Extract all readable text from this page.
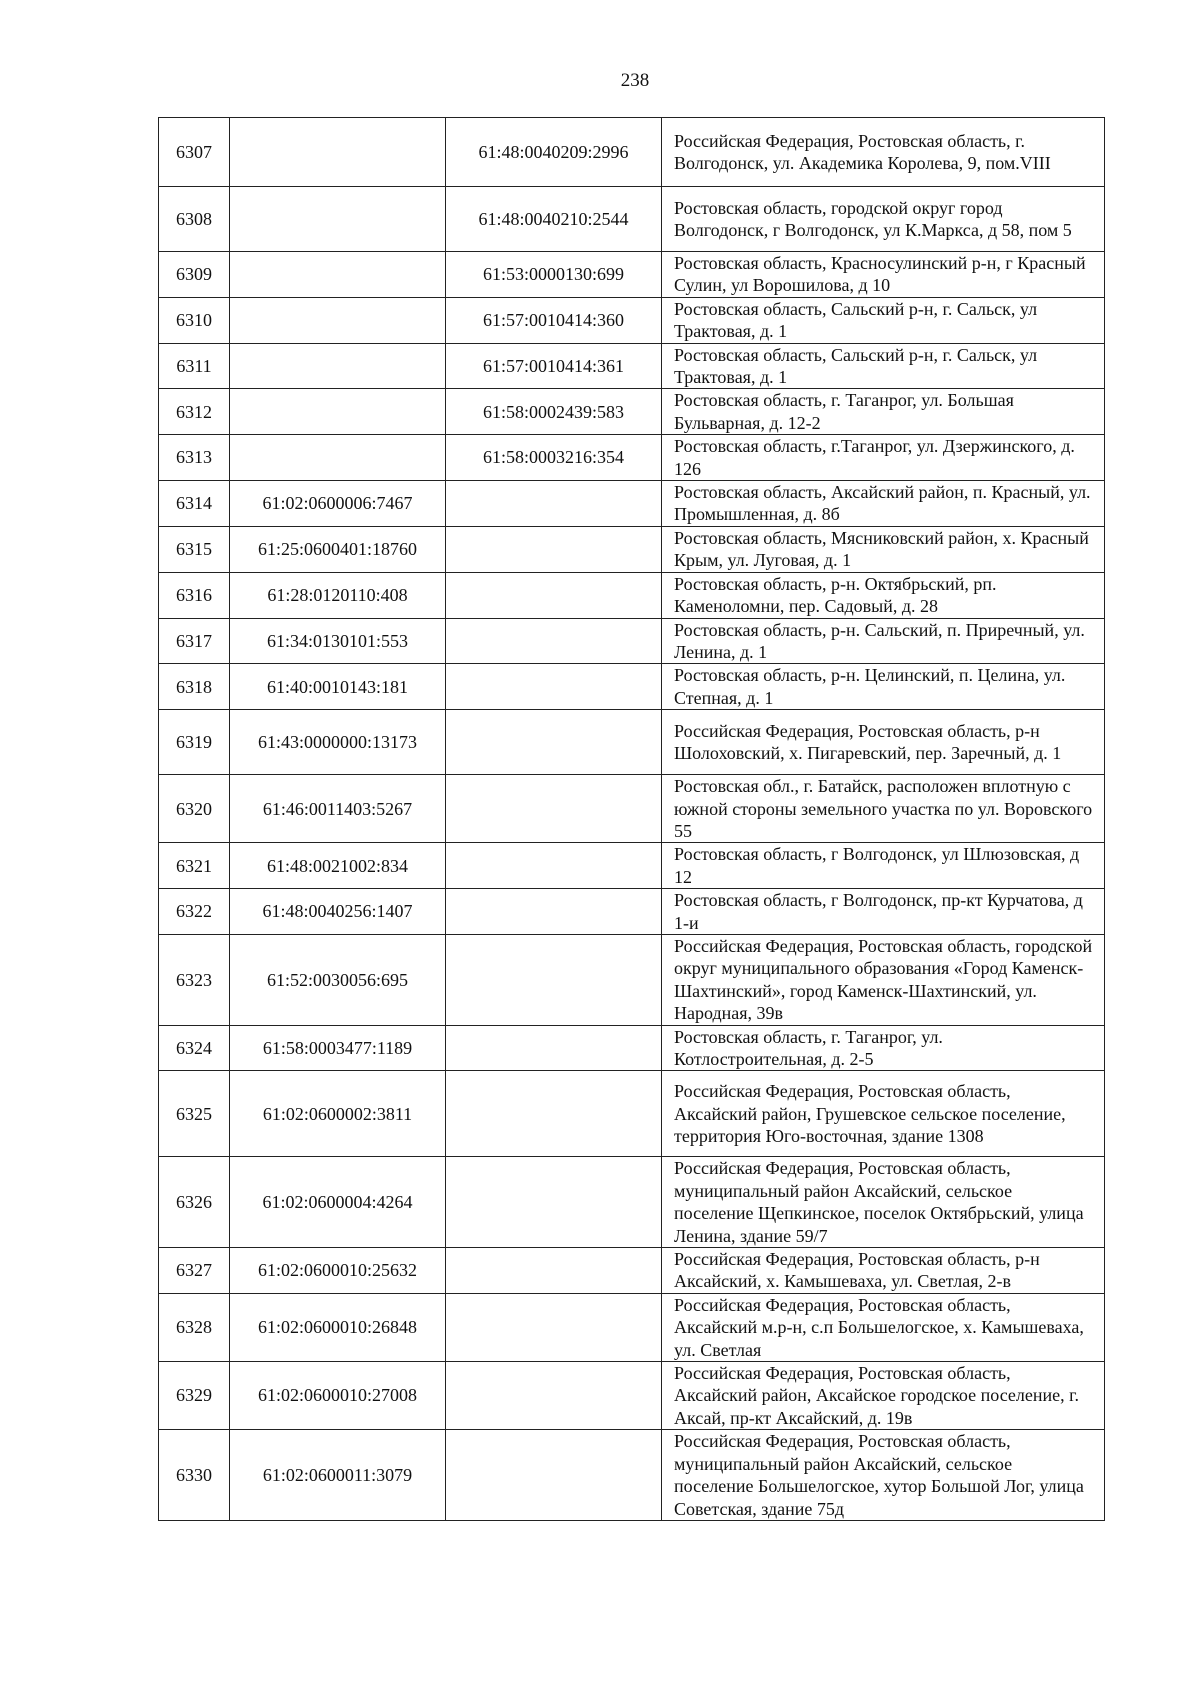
238
6307		61:48:0040209:2996	Российская Федерация, Ростовская область, г. Волгодонск, ул. Академика Королева, 9, пом.VIII
6308		61:48:0040210:2544	Ростовская область, городской округ город Волгодонск, г Волгодонск, ул К.Маркса, д 58, пом 5
6309		61:53:0000130:699	Ростовская область, Красносулинский р-н, г Красный Сулин, ул Ворошилова, д 10
6310		61:57:0010414:360	Ростовская область, Сальский р-н, г. Сальск, ул Трактовая, д. 1
6311		61:57:0010414:361	Ростовская область, Сальский р-н, г. Сальск, ул Трактовая, д. 1
6312		61:58:0002439:583	Ростовская область, г. Таганрог, ул. Большая Бульварная, д. 12-2
6313		61:58:0003216:354	Ростовская область, г.Таганрог, ул. Дзержинского, д. 126
6314	61:02:0600006:7467		Ростовская область, Аксайский район, п. Красный, ул. Промышленная, д. 8б
6315	61:25:0600401:18760		Ростовская область, Мясниковский район, х. Красный Крым, ул. Луговая, д. 1
6316	61:28:0120110:408		Ростовская область, р-н. Октябрьский, рп. Каменоломни, пер. Садовый, д. 28
6317	61:34:0130101:553		Ростовская область, р-н. Сальский, п. Приречный, ул. Ленина, д. 1
6318	61:40:0010143:181		Ростовская область, р-н. Целинский, п. Целина, ул. Степная, д. 1
6319	61:43:0000000:13173		Российская Федерация, Ростовская область, р-н Шолоховский, х. Пигаревский, пер. Заречный, д. 1
6320	61:46:0011403:5267		Ростовская обл., г. Батайск, расположен вплотную с южной стороны земельного участка по ул. Воровского 55
6321	61:48:0021002:834		Ростовская область, г Волгодонск, ул Шлюзовская, д 12
6322	61:48:0040256:1407		Ростовская область, г Волгодонск, пр-кт Курчатова, д 1-и
6323	61:52:0030056:695		Российская Федерация, Ростовская область, городской округ муниципального образования «Город Каменск-Шахтинский», город Каменск-Шахтинский, ул. Народная, 39в
6324	61:58:0003477:1189		Ростовская область, г. Таганрог, ул. Котлостроительная, д. 2-5
6325	61:02:0600002:3811		Российская Федерация, Ростовская область, Аксайский район, Грушевское сельское поселение, территория Юго-восточная, здание 1308
6326	61:02:0600004:4264		Российская Федерация, Ростовская область, муниципальный район Аксайский, сельское поселение Щепкинское, поселок Октябрьский, улица Ленина, здание 59/7
6327	61:02:0600010:25632		Российская Федерация, Ростовская область, р-н Аксайский, х. Камышеваха, ул. Светлая, 2-в
6328	61:02:0600010:26848		Российская Федерация, Ростовская область, Аксайский м.р-н, с.п Большелогское, х. Камышеваха, ул. Светлая
6329	61:02:0600010:27008		Российская Федерация, Ростовская область, Аксайский район, Аксайское городское поселение, г. Аксай, пр-кт Аксайский, д. 19в
6330	61:02:0600011:3079		Российская Федерация, Ростовская область, муниципальный район Аксайский, сельское поселение Большелогское, хутор Большой Лог, улица Советская, здание 75д
